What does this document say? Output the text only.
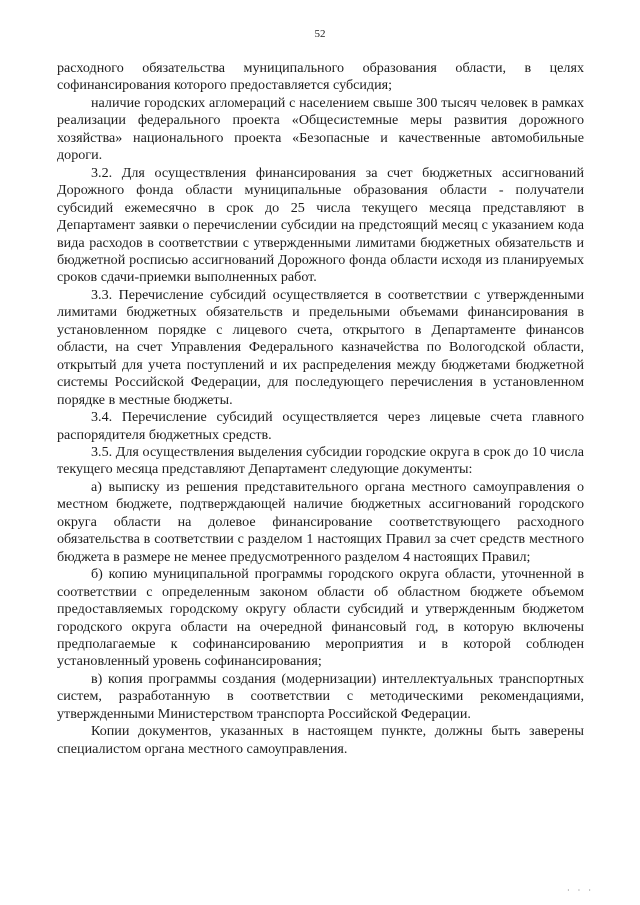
52

расходного обязательства муниципального образования области, в целях софинансирования которого предоставляется субсидия;

наличие городских агломераций с населением свыше 300 тысяч человек в рамках реализации федерального проекта «Общесистемные меры развития дорожного хозяйства» национального проекта «Безопасные и качественные автомобильные дороги.

3.2. Для осуществления финансирования за счет бюджетных ассигнований Дорожного фонда области муниципальные образования области - получатели субсидий ежемесячно в срок до 25 числа текущего месяца представляют в Департамент заявки о перечислении субсидии на предстоящий месяц с указанием кода вида расходов в соответствии с утвержденными лимитами бюджетных обязательств и бюджетной росписью ассигнований Дорожного фонда области исходя из планируемых сроков сдачи-приемки выполненных работ.

3.3. Перечисление субсидий осуществляется в соответствии с утвержденными лимитами бюджетных обязательств и предельными объемами финансирования в установленном порядке с лицевого счета, открытого в Департаменте финансов области, на счет Управления Федерального казначейства по Вологодской области, открытый для учета поступлений и их распределения между бюджетами бюджетной системы Российской Федерации, для последующего перечисления в установленном порядке в местные бюджеты.

3.4. Перечисление субсидий осуществляется через лицевые счета главного распорядителя бюджетных средств.

3.5. Для осуществления выделения субсидии городские округа в срок до 10 числа текущего месяца представляют Департамент следующие документы:

а) выписку из решения представительного органа местного самоуправления о местном бюджете, подтверждающей наличие бюджетных ассигнований городского округа области на долевое финансирование соответствующего расходного обязательства в соответствии с разделом 1 настоящих Правил за счет средств местного бюджета в размере не менее предусмотренного разделом 4 настоящих Правил;

б) копию муниципальной программы городского округа области, уточненной в соответствии с определенным законом области об областном бюджете объемом предоставляемых городскому округу области субсидий и утвержденным бюджетом городского округа области на очередной финансовый год, в которую включены предполагаемые к софинансированию мероприятия и в которой соблюден установленный уровень софинансирования;

в) копия программы создания (модернизации) интеллектуальных транспортных систем, разработанную в соответствии с методическими рекомендациями, утвержденными Министерством транспорта Российской Федерации.

Копии документов, указанных в настоящем пункте, должны быть заверены специалистом органа местного самоуправления.

· · ·
